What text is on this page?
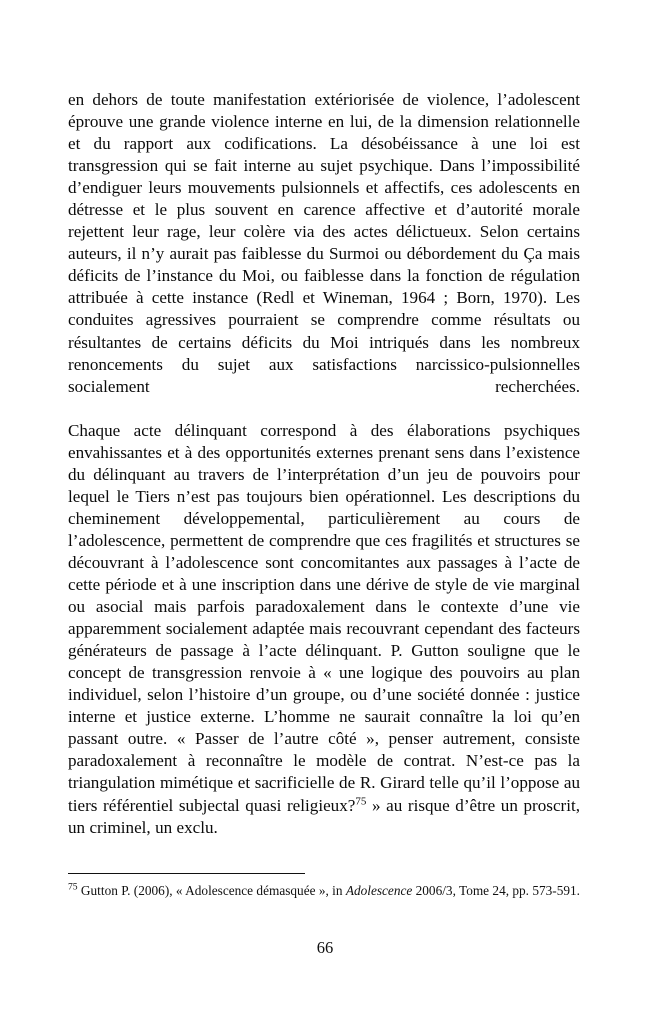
en dehors de toute manifestation extériorisée de violence, l’adolescent éprouve une grande violence interne en lui, de la dimension relationnelle et du rapport aux codifications. La désobéissance à une loi est transgression qui se fait interne au sujet psychique. Dans l’impossibilité d’endiguer leurs mouvements pulsionnels et affectifs, ces adolescents en détresse et le plus souvent en carence affective et d’autorité morale rejettent leur rage, leur colère via des actes délictueux. Selon certains auteurs, il n’y aurait pas faiblesse du Surmoi ou débordement du Ça mais déficits de l’instance du Moi, ou faiblesse dans la fonction de régulation attribuée à cette instance (Redl et Wineman, 1964 ; Born, 1970). Les conduites agressives pourraient se comprendre comme résultats ou résultantes de certains déficits du Moi intriqués dans les nombreux renoncements du sujet aux satisfactions narcissico-pulsionnelles socialement recherchées.

Chaque acte délinquant correspond à des élaborations psychiques envahissantes et à des opportunités externes prenant sens dans l’existence du délinquant au travers de l’interprétation d’un jeu de pouvoirs pour lequel le Tiers n’est pas toujours bien opérationnel. Les descriptions du cheminement développemental, particulièrement au cours de l’adolescence, permettent de comprendre que ces fragilités et structures se découvrant à l’adolescence sont concomitantes aux passages à l’acte de cette période et à une inscription dans une dérive de style de vie marginal ou asocial mais parfois paradoxalement dans le contexte d’une vie apparemment socialement adaptée mais recouvrant cependant des facteurs générateurs de passage à l’acte délinquant. P. Gutton souligne que le concept de transgression renvoie à « une logique des pouvoirs au plan individuel, selon l’histoire d’un groupe, ou d’une société donnée : justice interne et justice externe. L’homme ne saurait connaître la loi qu’en passant outre. « Passer de l’autre côté », penser autrement, consiste paradoxalement à reconnaître le modèle de contrat. N’est-ce pas la triangulation mimétique et sacrificielle de R. Girard telle qu’il l’oppose au tiers référentiel subjectal quasi religieux?$^{75}$ » au risque d’être un proscrit, un criminel, un exclu.

$^{75}$ Gutton P. (2006), « Adolescence démasquée », in Adolescence 2006/3, Tome 24, pp. 573-591.

66
